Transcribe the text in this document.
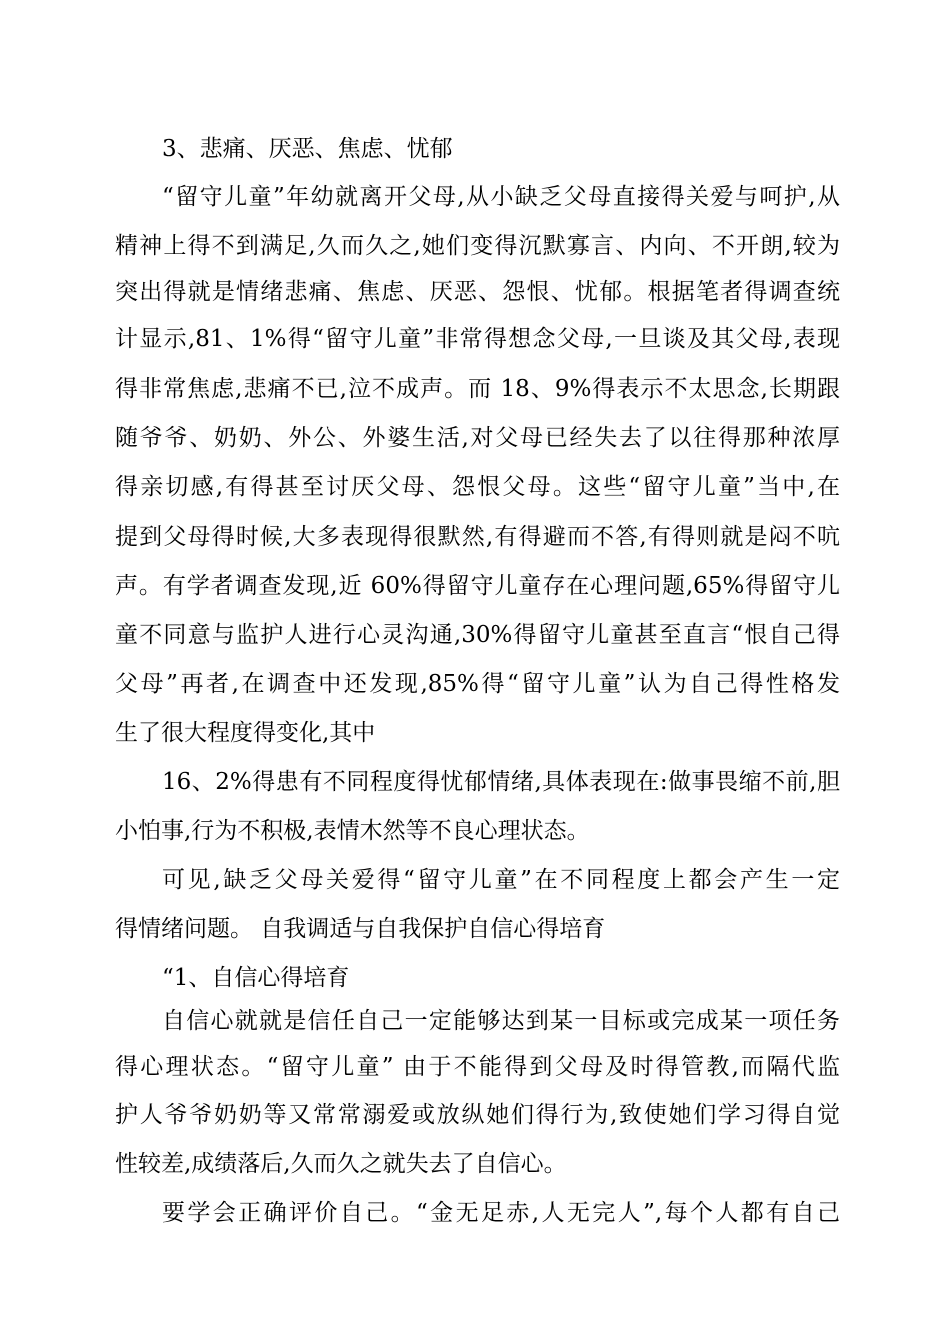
3、悲痛、厌恶、焦虑、忧郁
“留守儿童”年幼就离开父母,从小缺乏父母直接得关爱与呵护,从
精神上得不到满足,久而久之,她们变得沉默寡言、内向、不开朗,较为
突出得就是情绪悲痛、焦虑、厌恶、怨恨、忧郁。根据笔者得调查统
计显示,81、1%得“留守儿童”非常得想念父母,一旦谈及其父母,表现
得非常焦虑,悲痛不已,泣不成声。而 18、9%得表示不太思念,长期跟
随爷爷、奶奶、外公、外婆生活,对父母已经失去了以往得那种浓厚
得亲切感,有得甚至讨厌父母、怨恨父母。这些“留守儿童”当中,在
提到父母得时候,大多表现得很默然,有得避而不答,有得则就是闷不吭
声。有学者调查发现,近 60%得留守儿童存在心理问题,65%得留守儿
童不同意与监护人进行心灵沟通,30%得留守儿童甚至直言“恨自己得
父母”再者,在调查中还发现,85%得“留守儿童”认为自己得性格发
生了很大程度得变化,其中
16、2%得患有不同程度得忧郁情绪,具体表现在:做事畏缩不前,胆
小怕事,行为不积极,表情木然等不良心理状态。
可见,缺乏父母关爱得“留守儿童”在不同程度上都会产生一定
得情绪问题。 自我调适与自我保护自信心得培育
“1、自信心得培育
自信心就就是信任自己一定能够达到某一目标或完成某一项任务
得心理状态。“留守儿童” 由于不能得到父母及时得管教,而隔代监
护人爷爷奶奶等又常常溺爱或放纵她们得行为,致使她们学习得自觉
性较差,成绩落后,久而久之就失去了自信心。
要学会正确评价自己。“金无足赤,人无完人”,每个人都有自己
